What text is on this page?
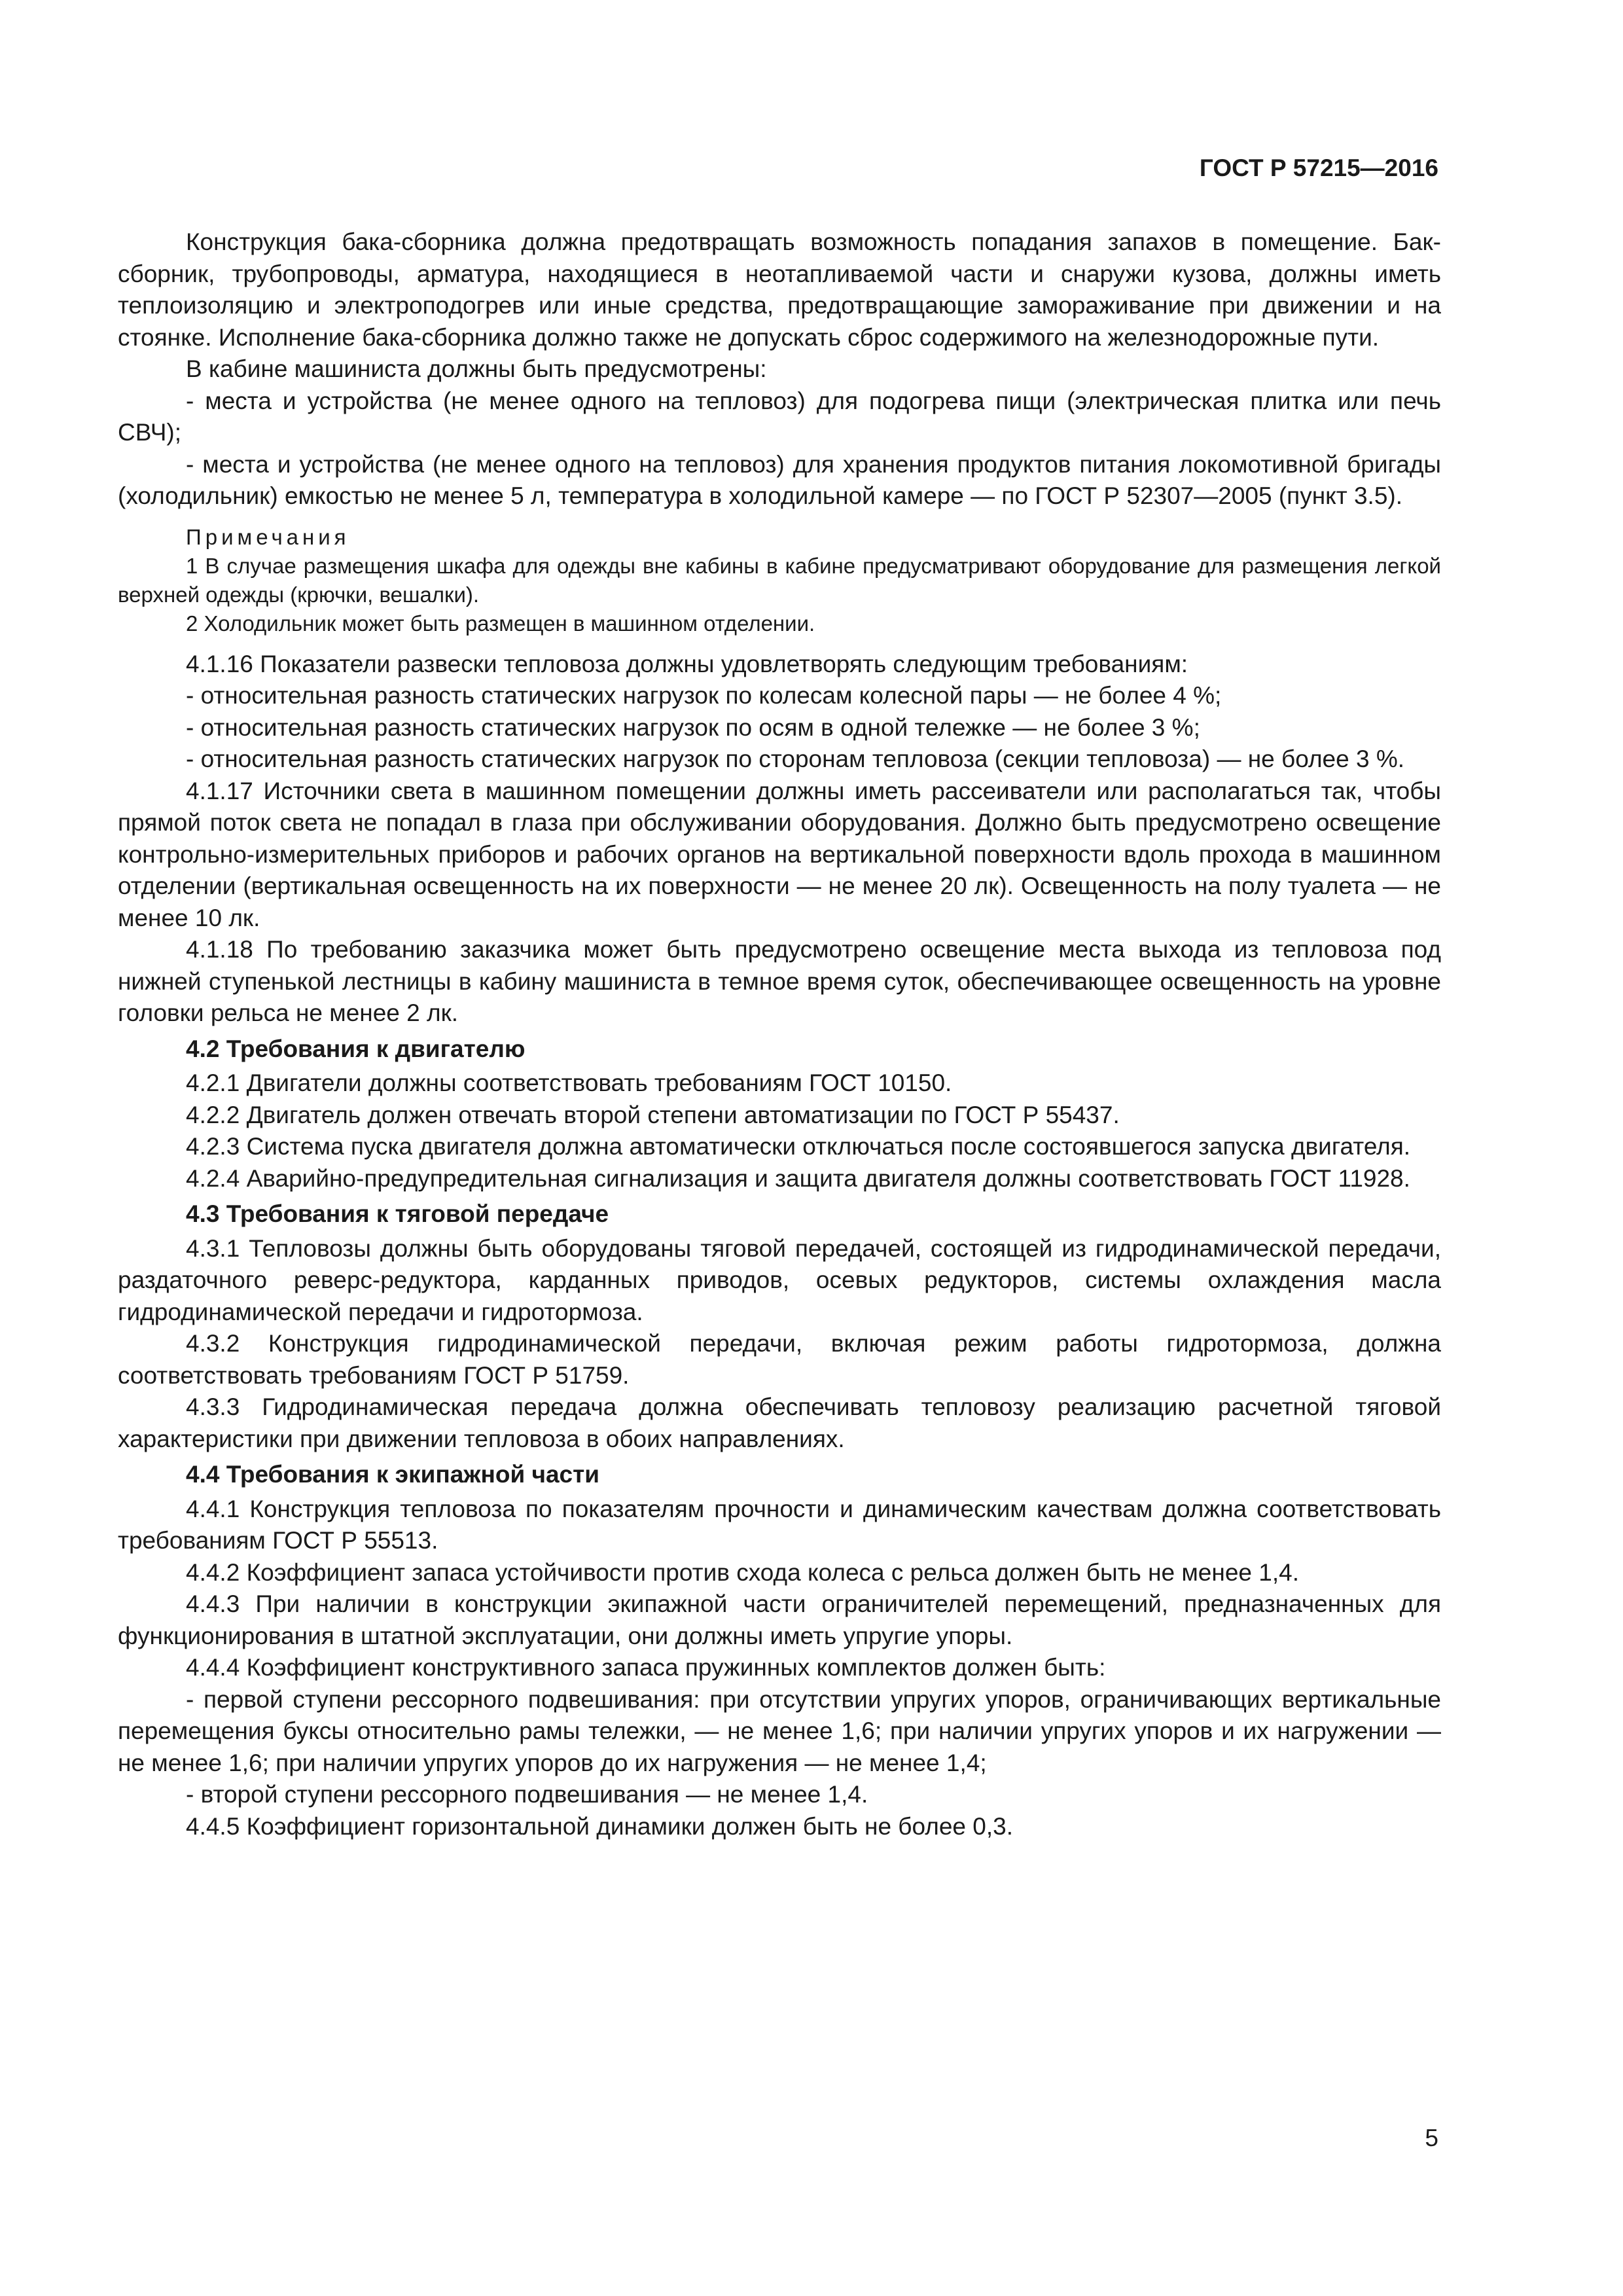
ГОСТ Р 57215—2016

Конструкция бака-сборника должна предотвращать возможность попадания запахов в помещение. Бак-сборник, трубопроводы, арматура, находящиеся в неотапливаемой части и снаружи кузова, должны иметь теплоизоляцию и электроподогрев или иные средства, предотвращающие замораживание при движении и на стоянке. Исполнение бака-сборника должно также не допускать сброс содержимого на железнодорожные пути.

В кабине машиниста должны быть предусмотрены:

- места и устройства (не менее одного на тепловоз) для подогрева пищи (электрическая плитка или печь СВЧ);

- места и устройства (не менее одного на тепловоз) для хранения продуктов питания локомотивной бригады (холодильник) емкостью не менее 5 л, температура в холодильной камере — по ГОСТ Р 52307—2005 (пункт 3.5).

Примечания
1 В случае размещения шкафа для одежды вне кабины в кабине предусматривают оборудование для размещения легкой верхней одежды (крючки, вешалки).
2 Холодильник может быть размещен в машинном отделении.

4.1.16 Показатели развески тепловоза должны удовлетворять следующим требованиям:

- относительная разность статических нагрузок по колесам колесной пары — не более 4 %;

- относительная разность статических нагрузок по осям в одной тележке — не более 3 %;

- относительная разность статических нагрузок по сторонам тепловоза (секции тепловоза) — не более 3 %.

4.1.17 Источники света в машинном помещении должны иметь рассеиватели или располагаться так, чтобы прямой поток света не попадал в глаза при обслуживании оборудования. Должно быть предусмотрено освещение контрольно-измерительных приборов и рабочих органов на вертикальной поверхности вдоль прохода в машинном отделении (вертикальная освещенность на их поверхности — не менее 20 лк). Освещенность на полу туалета — не менее 10 лк.

4.1.18 По требованию заказчика может быть предусмотрено освещение места выхода из тепловоза под нижней ступенькой лестницы в кабину машиниста в темное время суток, обеспечивающее освещенность на уровне головки рельса не менее 2 лк.

4.2 Требования к двигателю

4.2.1 Двигатели должны соответствовать требованиям ГОСТ 10150.

4.2.2 Двигатель должен отвечать второй степени автоматизации по ГОСТ Р 55437.

4.2.3 Система пуска двигателя должна автоматически отключаться после состоявшегося запуска двигателя.

4.2.4 Аварийно-предупредительная сигнализация и защита двигателя должны соответствовать ГОСТ 11928.

4.3 Требования к тяговой передаче

4.3.1 Тепловозы должны быть оборудованы тяговой передачей, состоящей из гидродинамической передачи, раздаточного реверс-редуктора, карданных приводов, осевых редукторов, системы охлаждения масла гидродинамической передачи и гидротормоза.

4.3.2 Конструкция гидродинамической передачи, включая режим работы гидротормоза, должна соответствовать требованиям ГОСТ Р 51759.

4.3.3 Гидродинамическая передача должна обеспечивать тепловозу реализацию расчетной тяговой характеристики при движении тепловоза в обоих направлениях.

4.4 Требования к экипажной части

4.4.1 Конструкция тепловоза по показателям прочности и динамическим качествам должна соответствовать требованиям ГОСТ Р 55513.

4.4.2 Коэффициент запаса устойчивости против схода колеса с рельса должен быть не менее 1,4.

4.4.3 При наличии в конструкции экипажной части ограничителей перемещений, предназначенных для функционирования в штатной эксплуатации, они должны иметь упругие упоры.

4.4.4 Коэффициент конструктивного запаса пружинных комплектов должен быть:

- первой ступени рессорного подвешивания: при отсутствии упругих упоров, ограничивающих вертикальные перемещения буксы относительно рамы тележки, — не менее 1,6; при наличии упругих упоров и их нагружении — не менее 1,6; при наличии упругих упоров до их нагружения — не менее 1,4;

- второй ступени рессорного подвешивания — не менее 1,4.

4.4.5 Коэффициент горизонтальной динамики должен быть не более 0,3.

5
